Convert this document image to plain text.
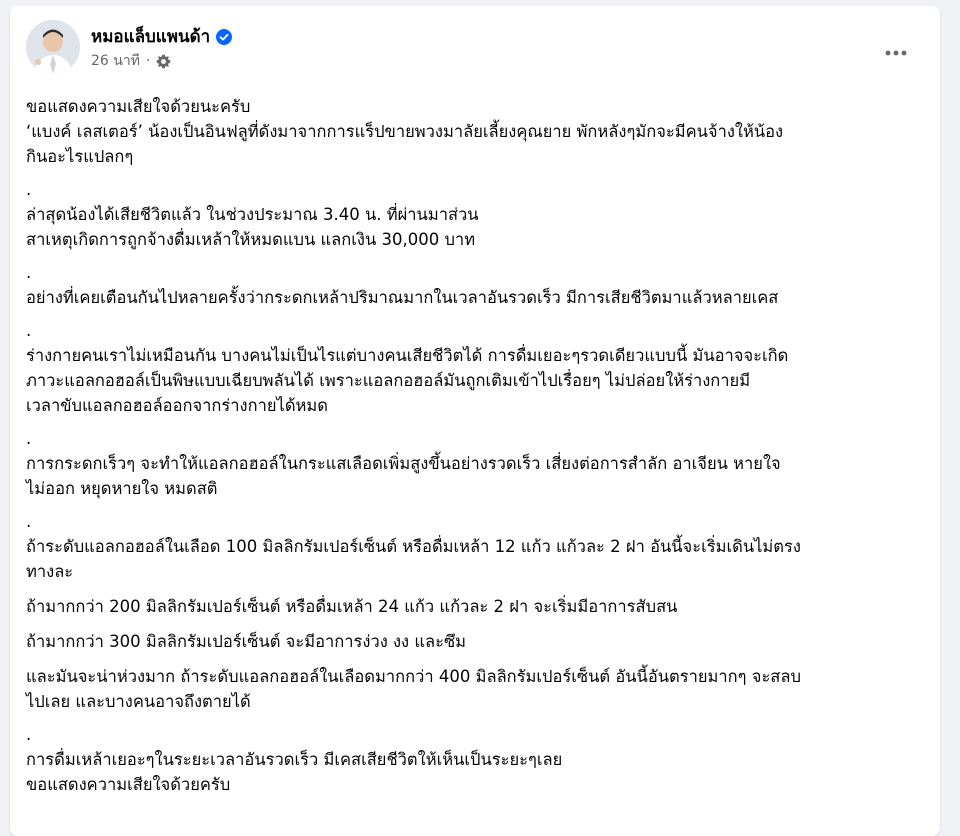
หมอแล็บแพนด้า
26 นาที ·

ขอแสดงความเสียใจด้วยนะครับ

‘แบงค์ เลสเตอร์’ น้องเป็นอินฟลูที่ดังมาจากการแร็ปขายพวงมาลัยเลี้ยงคุณยาย พักหลังๆมักจะมีคนจ้างให้น้อง

กินอะไรแปลกๆ

.

ล่าสุดน้องได้เสียชีวิตแล้ว ในช่วงประมาณ 3.40 น. ที่ผ่านมาส่วน

สาเหตุเกิดการถูกจ้างดื่มเหล้าให้หมดแบน แลกเงิน 30,000 บาท

.

อย่างที่เคยเตือนกันไปหลายครั้งว่ากระดกเหล้าปริมาณมากในเวลาอันรวดเร็ว มีการเสียชีวิตมาแล้วหลายเคส

.

ร่างกายคนเราไม่เหมือนกัน บางคนไม่เป็นไรแต่บางคนเสียชีวิตได้ การดื่มเยอะๆรวดเดียวแบบนี้ มันอาจจะเกิด

ภาวะแอลกอฮอล์เป็นพิษแบบเฉียบพลันได้ เพราะแอลกอฮอล์มันถูกเติมเข้าไปเรื่อยๆ ไม่ปล่อยให้ร่างกายมี

เวลาขับแอลกอฮอล์ออกจากร่างกายได้หมด

.

การกระดกเร็วๆ จะทำให้แอลกอฮอล์ในกระแสเลือดเพิ่มสูงขึ้นอย่างรวดเร็ว เสี่ยงต่อการสำลัก อาเจียน หายใจ

ไม่ออก หยุดหายใจ หมดสติ

.

ถ้าระดับแอลกอฮอล์ในเลือด 100 มิลลิกรัมเปอร์เซ็นต์ หรือดื่มเหล้า 12 แก้ว แก้วละ 2 ฝา อันนี้จะเริ่มเดินไม่ตรง

ทางละ

ถ้ามากกว่า 200 มิลลิกรัมเปอร์เซ็นต์ หรือดื่มเหล้า 24 แก้ว แก้วละ 2 ฝา จะเริ่มมีอาการสับสน

ถ้ามากกว่า 300 มิลลิกรัมเปอร์เซ็นต์ จะมีอาการง่วง งง และซึม

และมันจะน่าห่วงมาก ถ้าระดับแอลกอฮอล์ในเลือดมากกว่า 400 มิลลิกรัมเปอร์เซ็นต์ อันนี้อันตรายมากๆ จะสลบ

ไปเลย และบางคนอาจถึงตายได้

.

การดื่มเหล้าเยอะๆในระยะเวลาอันรวดเร็ว มีเคสเสียชีวิตให้เห็นเป็นระยะๆเลย

ขอแสดงความเสียใจด้วยครับ
